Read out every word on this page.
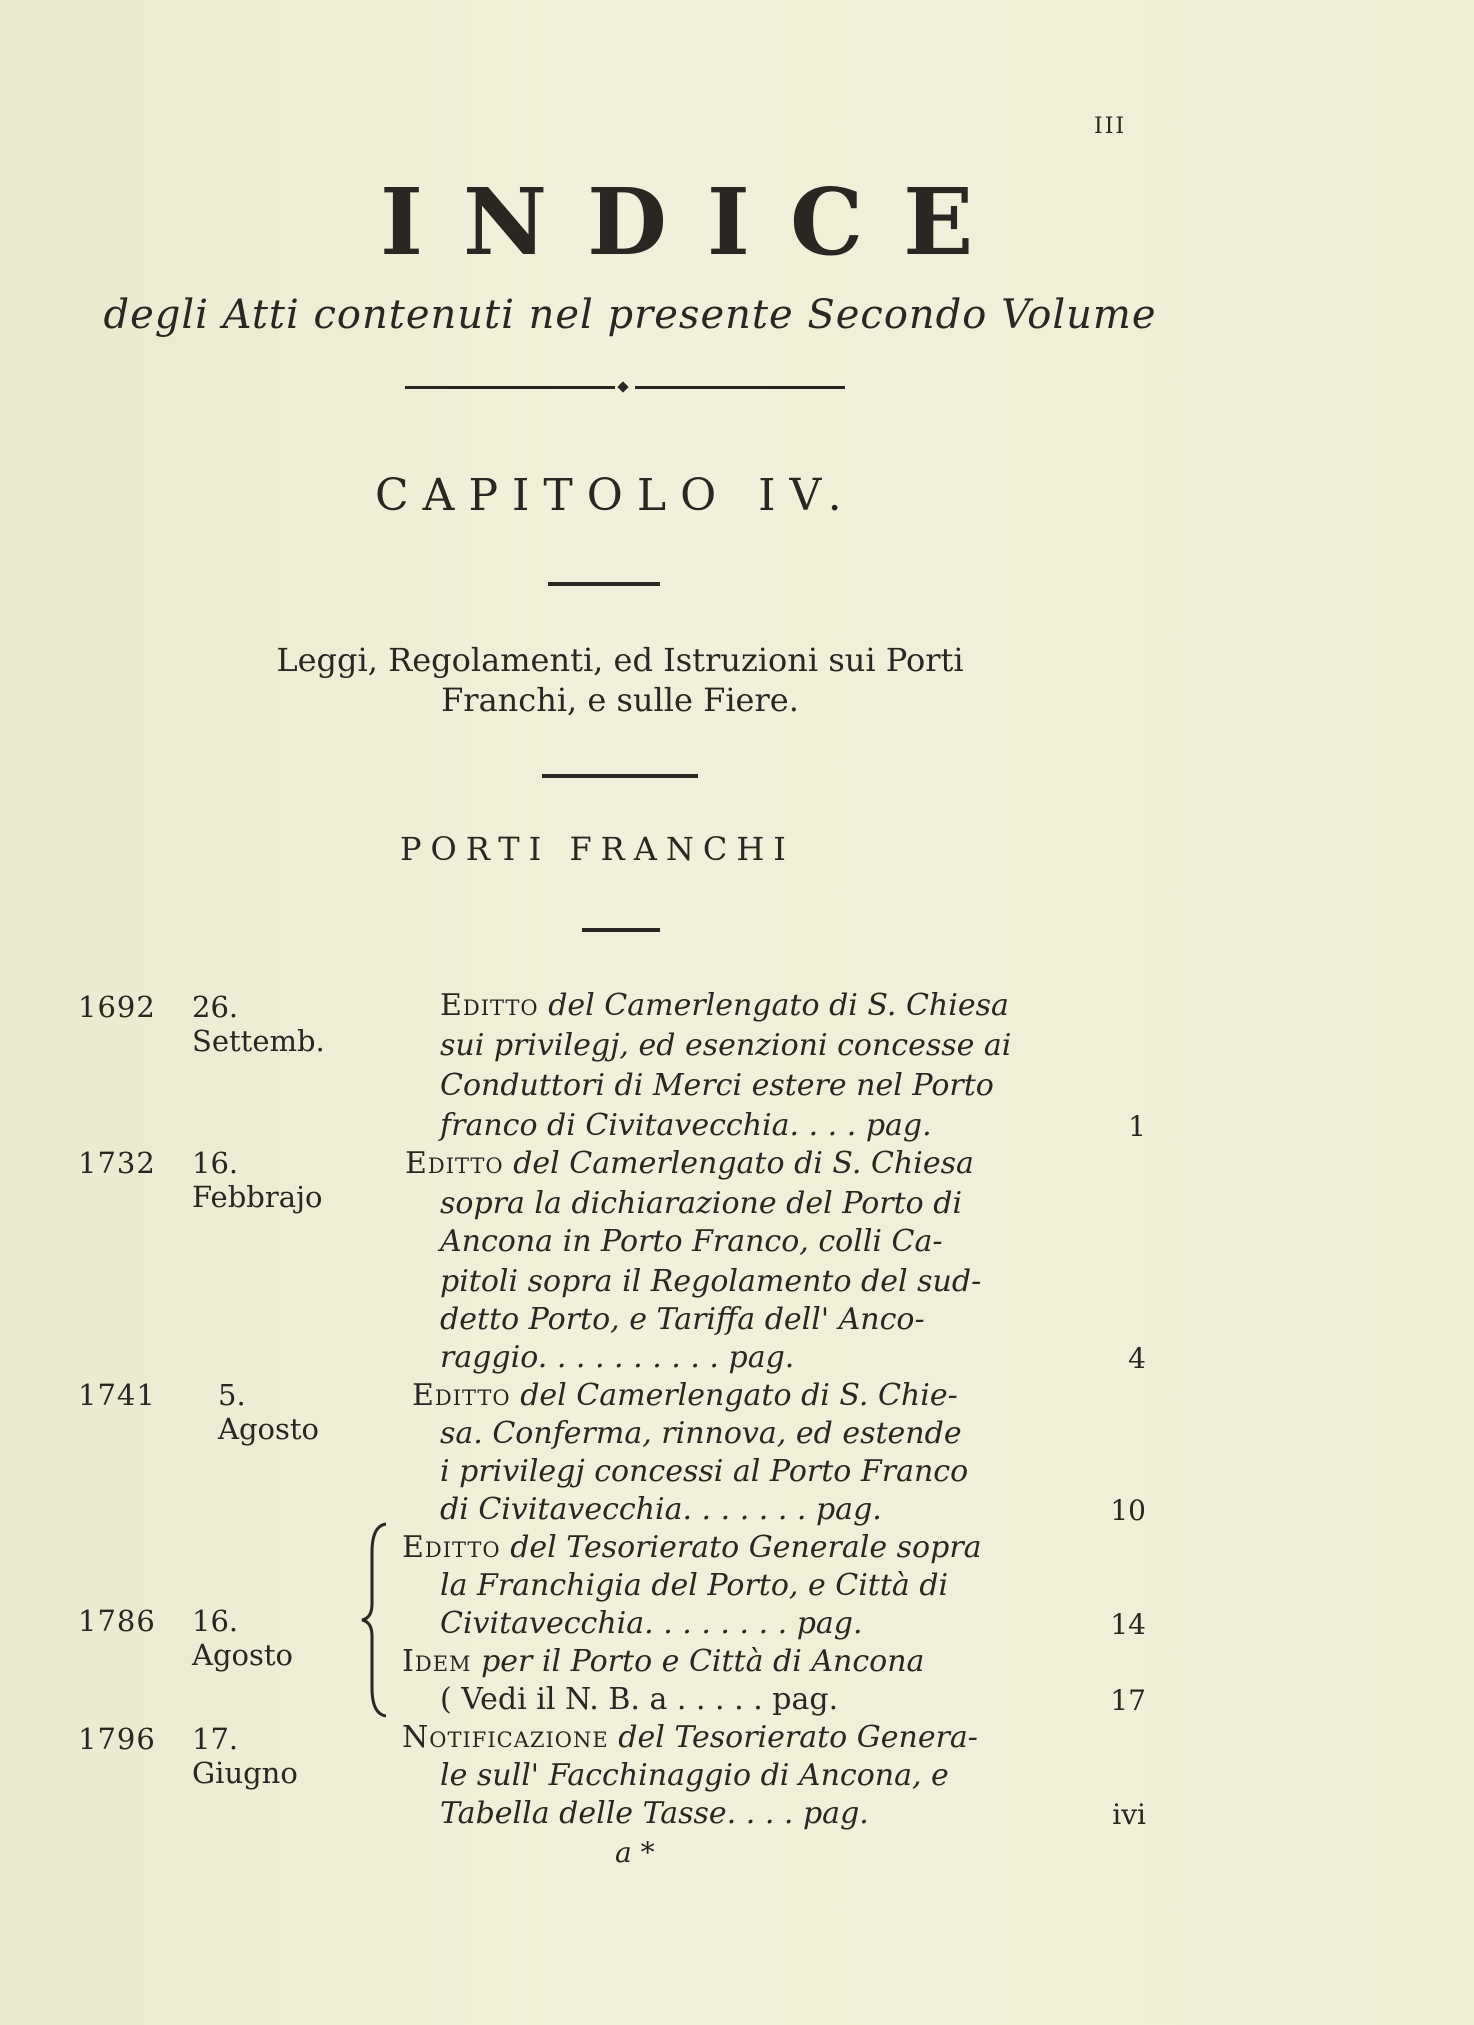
III
INDICE
degli Atti contenuti nel presente Secondo Volume
CAPITOLO IV.
Leggi, Regolamenti, ed Istruzioni sui Porti
Franchi, e sulle Fiere.
PORTI FRANCHI
1692 26. Settemb.
Editto del Camerlengato di S. Chiesa
sui privilegj, ed esenzioni concesse ai
Conduttori di Merci estere nel Porto
franco di Civitavecchia. . . . pag.	1
1732 16. Febbrajo
Editto del Camerlengato di S. Chiesa
sopra la dichiarazione del Porto di
Ancona in Porto Franco, colli Ca-
pitoli sopra il Regolamento del sud-
detto Porto, e Tariffa dell' Anco-
raggio. . . . . . . . . . pag.	4
1741 5. Agosto
Editto del Camerlengato di S. Chie-
sa. Conferma, rinnova, ed estende
i privilegj concessi al Porto Franco
di Civitavecchia. . . . . . . pag.	10
1786 16. Agosto
Editto del Tesorierato Generale sopra
la Franchigia del Porto, e Città di
Civitavecchia. . . . . . . . pag.	14
Idem per il Porto e Città di Ancona
( Vedi il N. B. a . . . . . pag.	17
1796 17. Giugno
Notificazione del Tesorierato Genera-
le sull' Facchinaggio di Ancona, e
Tabella delle Tasse. . . . pag.	ivi
a *
